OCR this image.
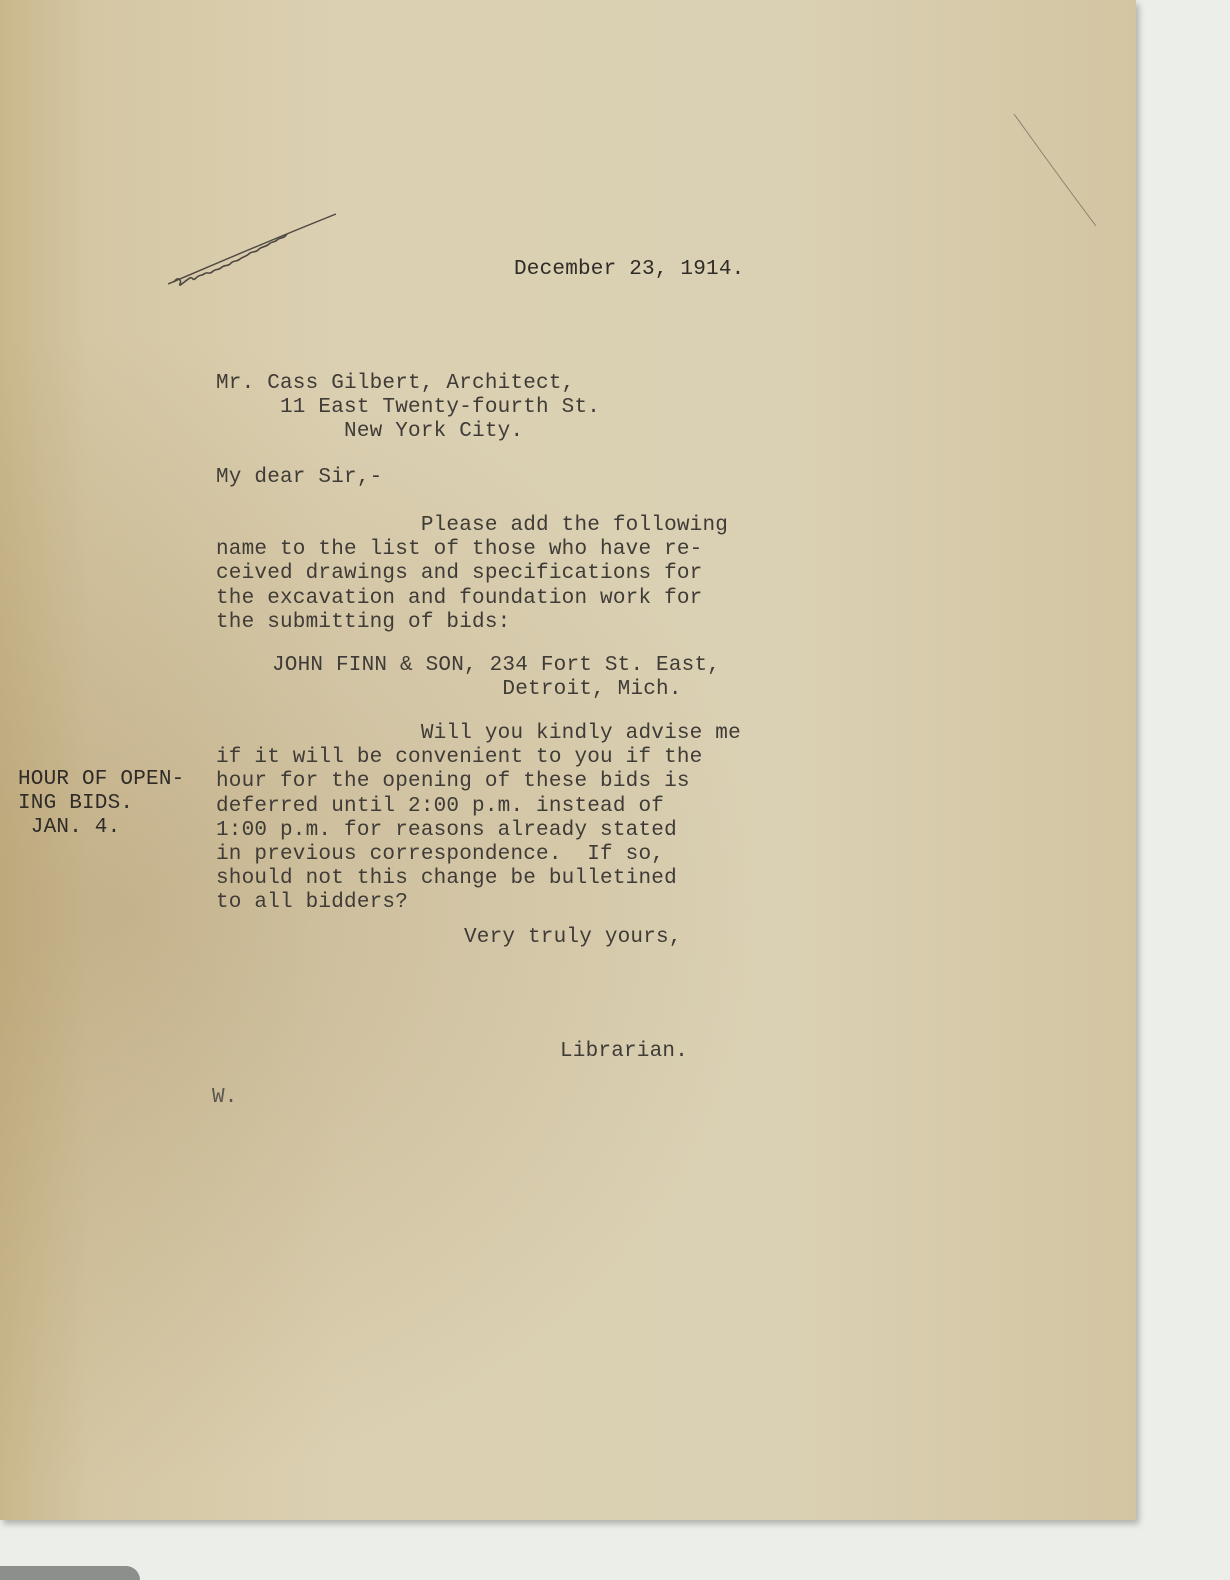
December 23, 1914.

Mr. Cass Gilbert, Architect,
11 East Twenty-fourth St.
New York City.

My dear Sir,-

Please add the following
name to the list of those who have re-
ceived drawings and specifications for
the excavation and foundation work for
the submitting of bids:
JOHN FINN & SON, 234 Fort St. East,
Detroit, Mich.
Will you kindly advise me
if it will be convenient to you if the
hour for the opening of these bids is
deferred until 2:00 p.m. instead of
1:00 p.m. for reasons already stated
in previous correspondence.  If so,
should not this change be bulletined
to all bidders?
HOUR OF OPEN-
ING BIDS.
JAN. 4.

Very truly yours,

Librarian.

W.
